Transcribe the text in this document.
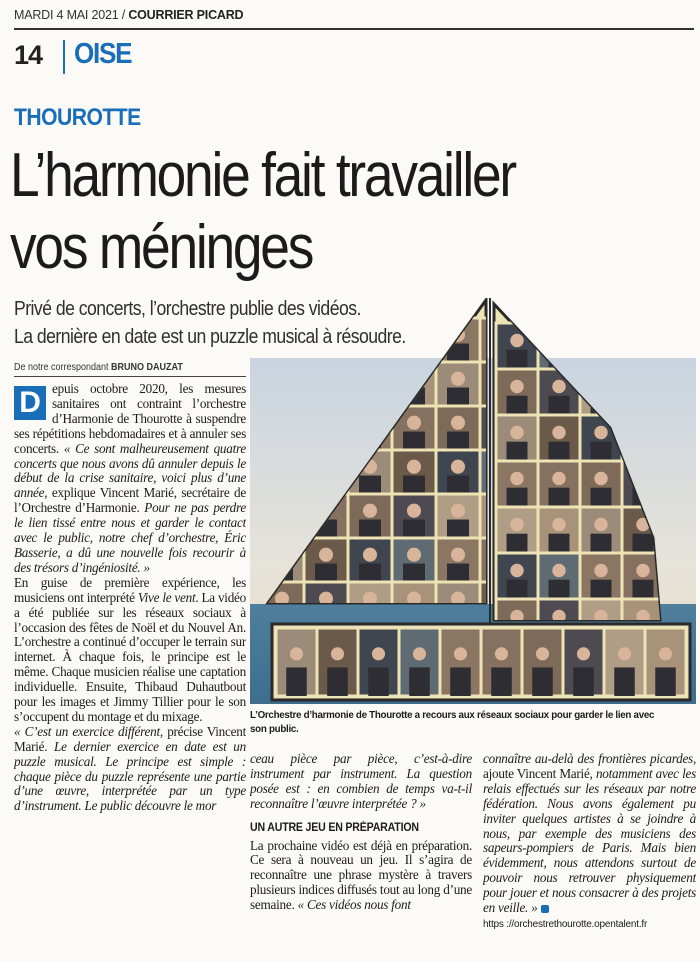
MARDI 4 MAI 2021 / COURRIER PICARD
14 OISE
THOUROTTE
L’harmonie fait travailler
vos méninges
Privé de concerts, l’orchestre publie des vidéos.
La dernière en date est un puzzle musical à résoudre.
De notre correspondant BRUNO DAUZAT

D epuis octobre 2020, les mesures sanitaires ont contraint l’orchestre d’Harmonie de Thourotte à suspendre ses répétitions hebdomadaires et à annuler ses concerts. « Ce sont malheureusement quatre concerts que nous avons dû annuler depuis le début de la crise sanitaire, voici plus d’une année, explique Vincent Marié, secrétaire de l’Orchestre d’Harmonie. Pour ne pas perdre le lien tissé entre nous et garder le contact avec le public, notre chef d’orchestre, Éric Basserie, a dû une nouvelle fois recourir à des trésors d’ingéniosité. »

En guise de première expérience, les musiciens ont interprété Vive le vent. La vidéo a été publiée sur les réseaux sociaux à l’occasion des fêtes de Noël et du Nouvel An. L’orchestre a continué d’occuper le terrain sur internet. À chaque fois, le principe est le même. Chaque musicien réalise une captation individuelle. Ensuite, Thibaud Duhautbout pour les images et Jimmy Tillier pour le son s’occupent du montage et du mixage.

« C’est un exercice différent, précise Vincent Marié. Le dernier exercice en date est un puzzle musical. Le principe est simple : chaque pièce du puzzle représente une partie d’une œuvre, interprétée par un type d’instrument. Le public découvre le mor

ceau pièce par pièce, c’est-à-dire instrument par instrument. La question posée est : en combien de temps va-t-il reconnaître l’œuvre interprétée ? »

UN AUTRE JEU EN PRÉPARATION

La prochaine vidéo est déjà en préparation. Ce sera à nouveau un jeu. Il s’agira de reconnaître une phrase mystère à travers plusieurs indices diffusés tout au long d’une semaine. « Ces vidéos nous font

connaître au-delà des frontières picardes, ajoute Vincent Marié, notamment avec les relais effectués sur les réseaux par notre fédération. Nous avons également pu inviter quelques artistes à se joindre à nous, par exemple des musiciens des sapeurs-pompiers de Paris. Mais bien évidemment, nous attendons surtout de pouvoir nous retrouver physiquement pour jouer et nous consacrer à des projets en veille. »

https ://orchestrethourotte.opentalent.fr

L’Orchestre d’harmonie de Thourotte a recours aux réseaux sociaux pour garder le lien avec son public.
